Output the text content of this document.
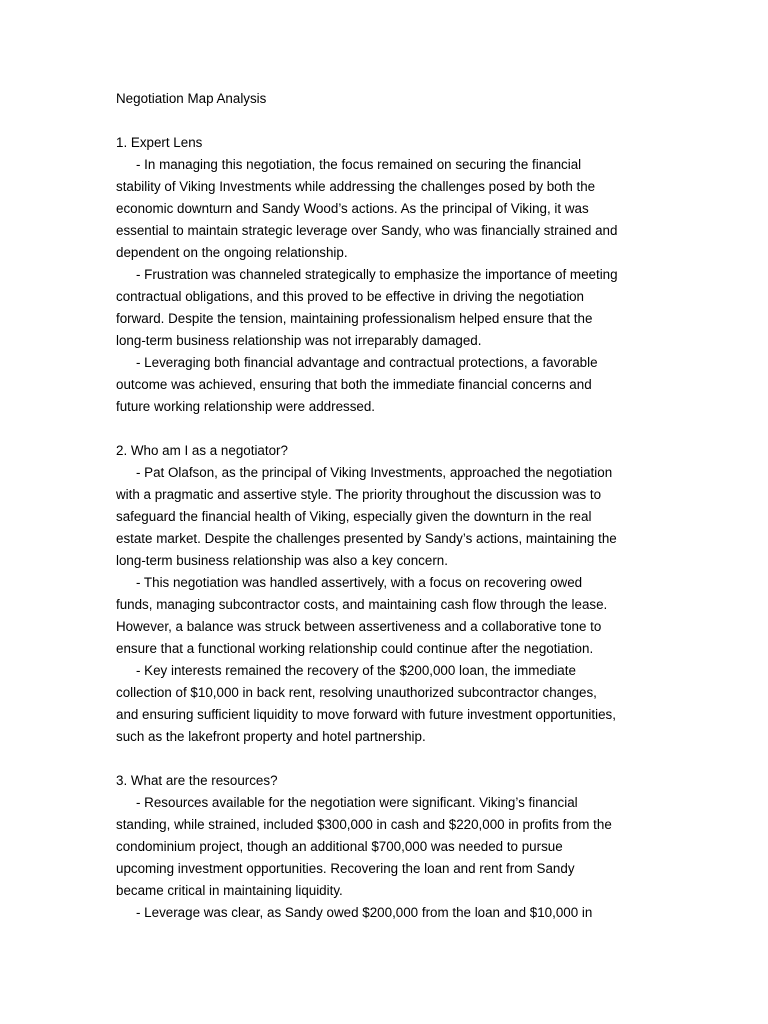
Negotiation Map Analysis
1. Expert Lens
- In managing this negotiation, the focus remained on securing the financial
stability of Viking Investments while addressing the challenges posed by both the
economic downturn and Sandy Wood’s actions. As the principal of Viking, it was
essential to maintain strategic leverage over Sandy, who was financially strained and
dependent on the ongoing relationship.
- Frustration was channeled strategically to emphasize the importance of meeting
contractual obligations, and this proved to be effective in driving the negotiation
forward. Despite the tension, maintaining professionalism helped ensure that the
long-term business relationship was not irreparably damaged.
- Leveraging both financial advantage and contractual protections, a favorable
outcome was achieved, ensuring that both the immediate financial concerns and
future working relationship were addressed.
2. Who am I as a negotiator?
- Pat Olafson, as the principal of Viking Investments, approached the negotiation
with a pragmatic and assertive style. The priority throughout the discussion was to
safeguard the financial health of Viking, especially given the downturn in the real
estate market. Despite the challenges presented by Sandy’s actions, maintaining the
long-term business relationship was also a key concern.
- This negotiation was handled assertively, with a focus on recovering owed
funds, managing subcontractor costs, and maintaining cash flow through the lease.
However, a balance was struck between assertiveness and a collaborative tone to
ensure that a functional working relationship could continue after the negotiation.
- Key interests remained the recovery of the $200,000 loan, the immediate
collection of $10,000 in back rent, resolving unauthorized subcontractor changes,
and ensuring sufficient liquidity to move forward with future investment opportunities,
such as the lakefront property and hotel partnership.
3. What are the resources?
- Resources available for the negotiation were significant. Viking’s financial
standing, while strained, included $300,000 in cash and $220,000 in profits from the
condominium project, though an additional $700,000 was needed to pursue
upcoming investment opportunities. Recovering the loan and rent from Sandy
became critical in maintaining liquidity.
- Leverage was clear, as Sandy owed $200,000 from the loan and $10,000 in
